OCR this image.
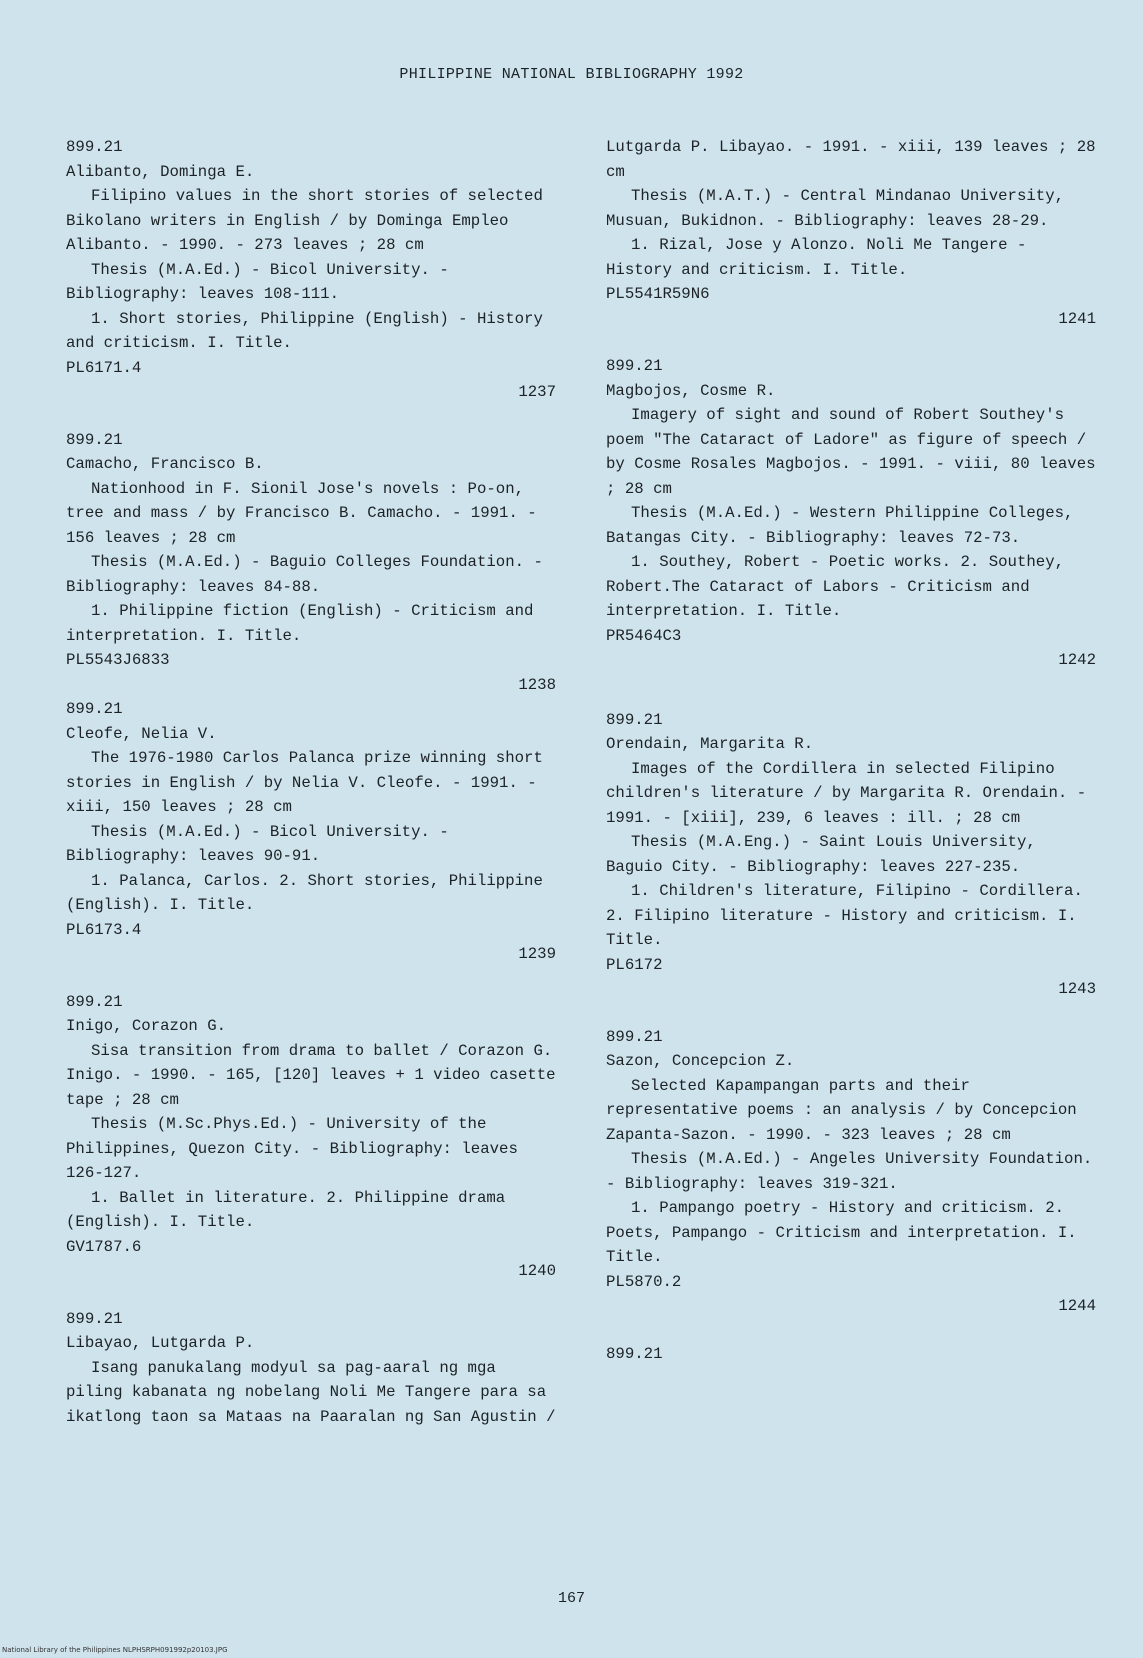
PHILIPPINE NATIONAL BIBLIOGRAPHY 1992

899.21

Alibanto, Dominga E.

Filipino values in the short stories of selected Bikolano writers in English / by Dominga Empleo Alibanto. - 1990. - 273 leaves ; 28 cm

Thesis (M.A.Ed.) - Bicol University. - Bibliography: leaves 108-111.

1. Short stories, Philippine (English) - History and criticism. I. Title.

PL6171.4

1237

899.21

Camacho, Francisco B.

Nationhood in F. Sionil Jose's novels : Po-on, tree and mass / by Francisco B. Camacho. - 1991. - 156 leaves ; 28 cm

Thesis (M.A.Ed.) - Baguio Colleges Foundation. - Bibliography: leaves 84-88.

1. Philippine fiction (English) - Criticism and interpretation. I. Title.

PL5543J6833

1238

899.21

Cleofe, Nelia V.

The 1976-1980 Carlos Palanca prize winning short stories in English / by Nelia V. Cleofe. - 1991. - xiii, 150 leaves ; 28 cm

Thesis (M.A.Ed.) - Bicol University. - Bibliography: leaves 90-91.

1. Palanca, Carlos. 2. Short stories, Philippine (English). I. Title.

PL6173.4

1239

899.21

Inigo, Corazon G.

Sisa transition from drama to ballet / Corazon G. Inigo. - 1990. - 165, [120] leaves + 1 video casette tape ; 28 cm

Thesis (M.Sc.Phys.Ed.) - University of the Philippines, Quezon City. - Bibliography: leaves 126-127.

1. Ballet in literature. 2. Philippine drama (English). I. Title.

GV1787.6

1240

899.21

Libayao, Lutgarda P.

Isang panukalang modyul sa pag-aaral ng mga piling kabanata ng nobelang Noli Me Tangere para sa ikatlong taon sa Mataas na Paaralan ng San Agustin /

Lutgarda P. Libayao. - 1991. - xiii, 139 leaves ; 28 cm

Thesis (M.A.T.) - Central Mindanao University, Musuan, Bukidnon. - Bibliography: leaves 28-29.

1. Rizal, Jose y Alonzo. Noli Me Tangere - History and criticism. I. Title.

PL5541R59N6

1241

899.21

Magbojos, Cosme R.

Imagery of sight and sound of Robert Southey's poem "The Cataract of Ladore" as figure of speech / by Cosme Rosales Magbojos. - 1991. - viii, 80 leaves ; 28 cm

Thesis (M.A.Ed.) - Western Philippine Colleges, Batangas City. - Bibliography: leaves 72-73.

1. Southey, Robert - Poetic works. 2. Southey, Robert.The Cataract of Labors - Criticism and interpretation. I. Title.

PR5464C3

1242

899.21

Orendain, Margarita R.

Images of the Cordillera in selected Filipino children's literature / by Margarita R. Orendain. - 1991. - [xiii], 239, 6 leaves : ill. ; 28 cm

Thesis (M.A.Eng.) - Saint Louis University, Baguio City. - Bibliography: leaves 227-235.

1. Children's literature, Filipino - Cordillera. 2. Filipino literature - History and criticism. I. Title.

PL6172

1243

899.21

Sazon, Concepcion Z.

Selected Kapampangan parts and their representative poems : an analysis / by Concepcion Zapanta-Sazon. - 1990. - 323 leaves ; 28 cm

Thesis (M.A.Ed.) - Angeles University Foundation. - Bibliography: leaves 319-321.

1. Pampango poetry - History and criticism. 2. Poets, Pampango - Criticism and interpretation. I. Title.

PL5870.2

1244

899.21

167
National Library of the Philippines NLPHSRPH091992p20103.JPG
